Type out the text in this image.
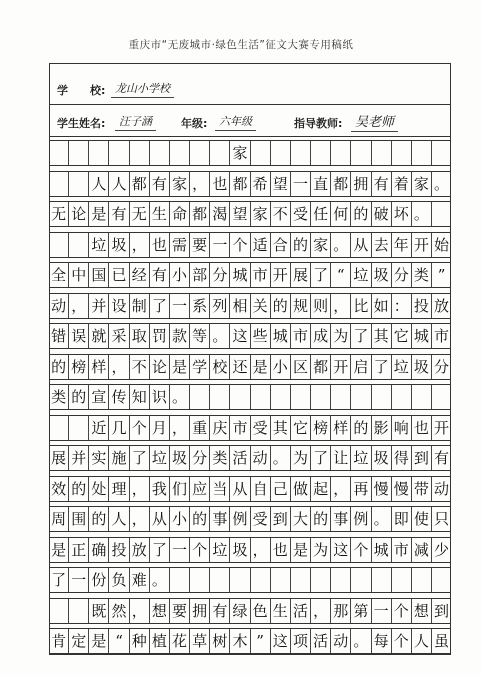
重庆市“无废城市·绿色生活”征文大赛专用稿纸
学　　校: 龙山小学校
学生姓名:	汪子涵	年级:	六年级	指导教师: 吴老师
家
人 人 都 有 家 ， 也 都 希 望 一 直 都 拥 有 着 家 。
无 论 是 有 无 生 命 都 渴 望 家 不 受 任 何 的 破 坏 。
垃 圾 ， 也 需 要 一 个 适 合 的 家 。 从 去 年 开 始
全 中 国 已 经 有 小 部 分 城 市 开 展 了 “ 垃 圾 分 类 ”
动 ， 并 设 制 了 一 系 列 相 关 的 规 则 ， 比 如 ： 投 放
错 误 就 采 取 罚 款 等 。 这 些 城 市 成 为 了 其 它 城 市
的 榜 样 ， 不 论 是 学 校 还 是 小 区 都 开 启 了 垃 圾 分
类 的 宣 传 知 识 。
近 几 个 月 ， 重 庆 市 受 其 它 榜 样 的 影 响 也 开
展 并 实 施 了 垃 圾 分 类 活 动 。 为 了 让 垃 圾 得 到 有
效 的 处 理 ， 我 们 应 当 从 自 己 做 起 ， 再 慢 慢 带 动
周 围 的 人 ， 从 小 的 事 例 受 到 大 的 事 例 。 即 使 只
是 正 确 投 放 了 一 个 垃 圾 ， 也 是 为 这 个 城 市 减 少
了 一 份 负 难 。
既 然 ， 想 要 拥 有 绿 色 生 活 ， 那 第 一 个 想 到
肯 定 是 “ 种 植 花 草 树 木 ” 这 项 活 动 。 每 个 人 虽
